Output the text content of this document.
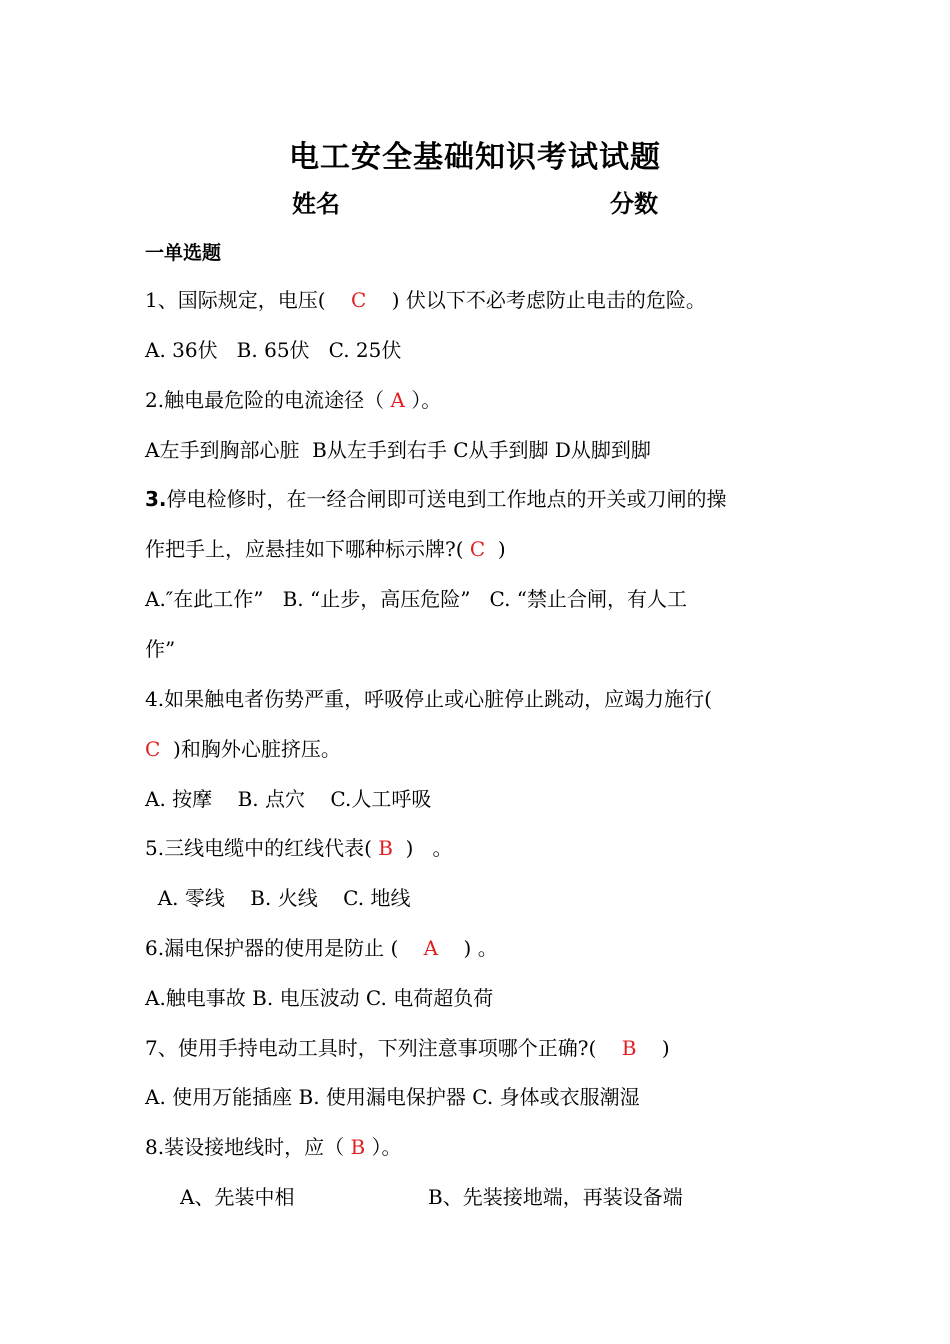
电工安全基础知识考试试题
姓名	分数
一单选题
1、国际规定，电压(    C    ) 伏以下不必考虑防止电击的危险。
A. 36伏   B. 65伏   C. 25伏
2.触电最危险的电流途径（ A ）。
A左手到胸部心脏  B从左手到右手 C从手到脚 D从脚到脚
3.停电检修时，在一经合闸即可送电到工作地点的开关或刀闸的操
作把手上，应悬挂如下哪种标示牌?( C  )
A.″在此工作”   B. “止步，高压危险”   C. “禁止合闸，有人工
作”
4.如果触电者伤势严重，呼吸停止或心脏停止跳动，应竭力施行(
C  )和胸外心脏挤压。
A. 按摩    B. 点穴    C.人工呼吸
5.三线电缆中的红线代表( B  )   。
A. 零线    B. 火线    C. 地线
6.漏电保护器的使用是防止 (    A    ) 。
A.触电事故 B. 电压波动 C. 电荷超负荷
7、使用手持电动工具时，下列注意事项哪个正确?(    B    )
A. 使用万能插座 B. 使用漏电保护器 C. 身体或衣服潮湿
8.装设接地线时，应（ B ）。
A、先装中相	B、先装接地端，再装设备端
